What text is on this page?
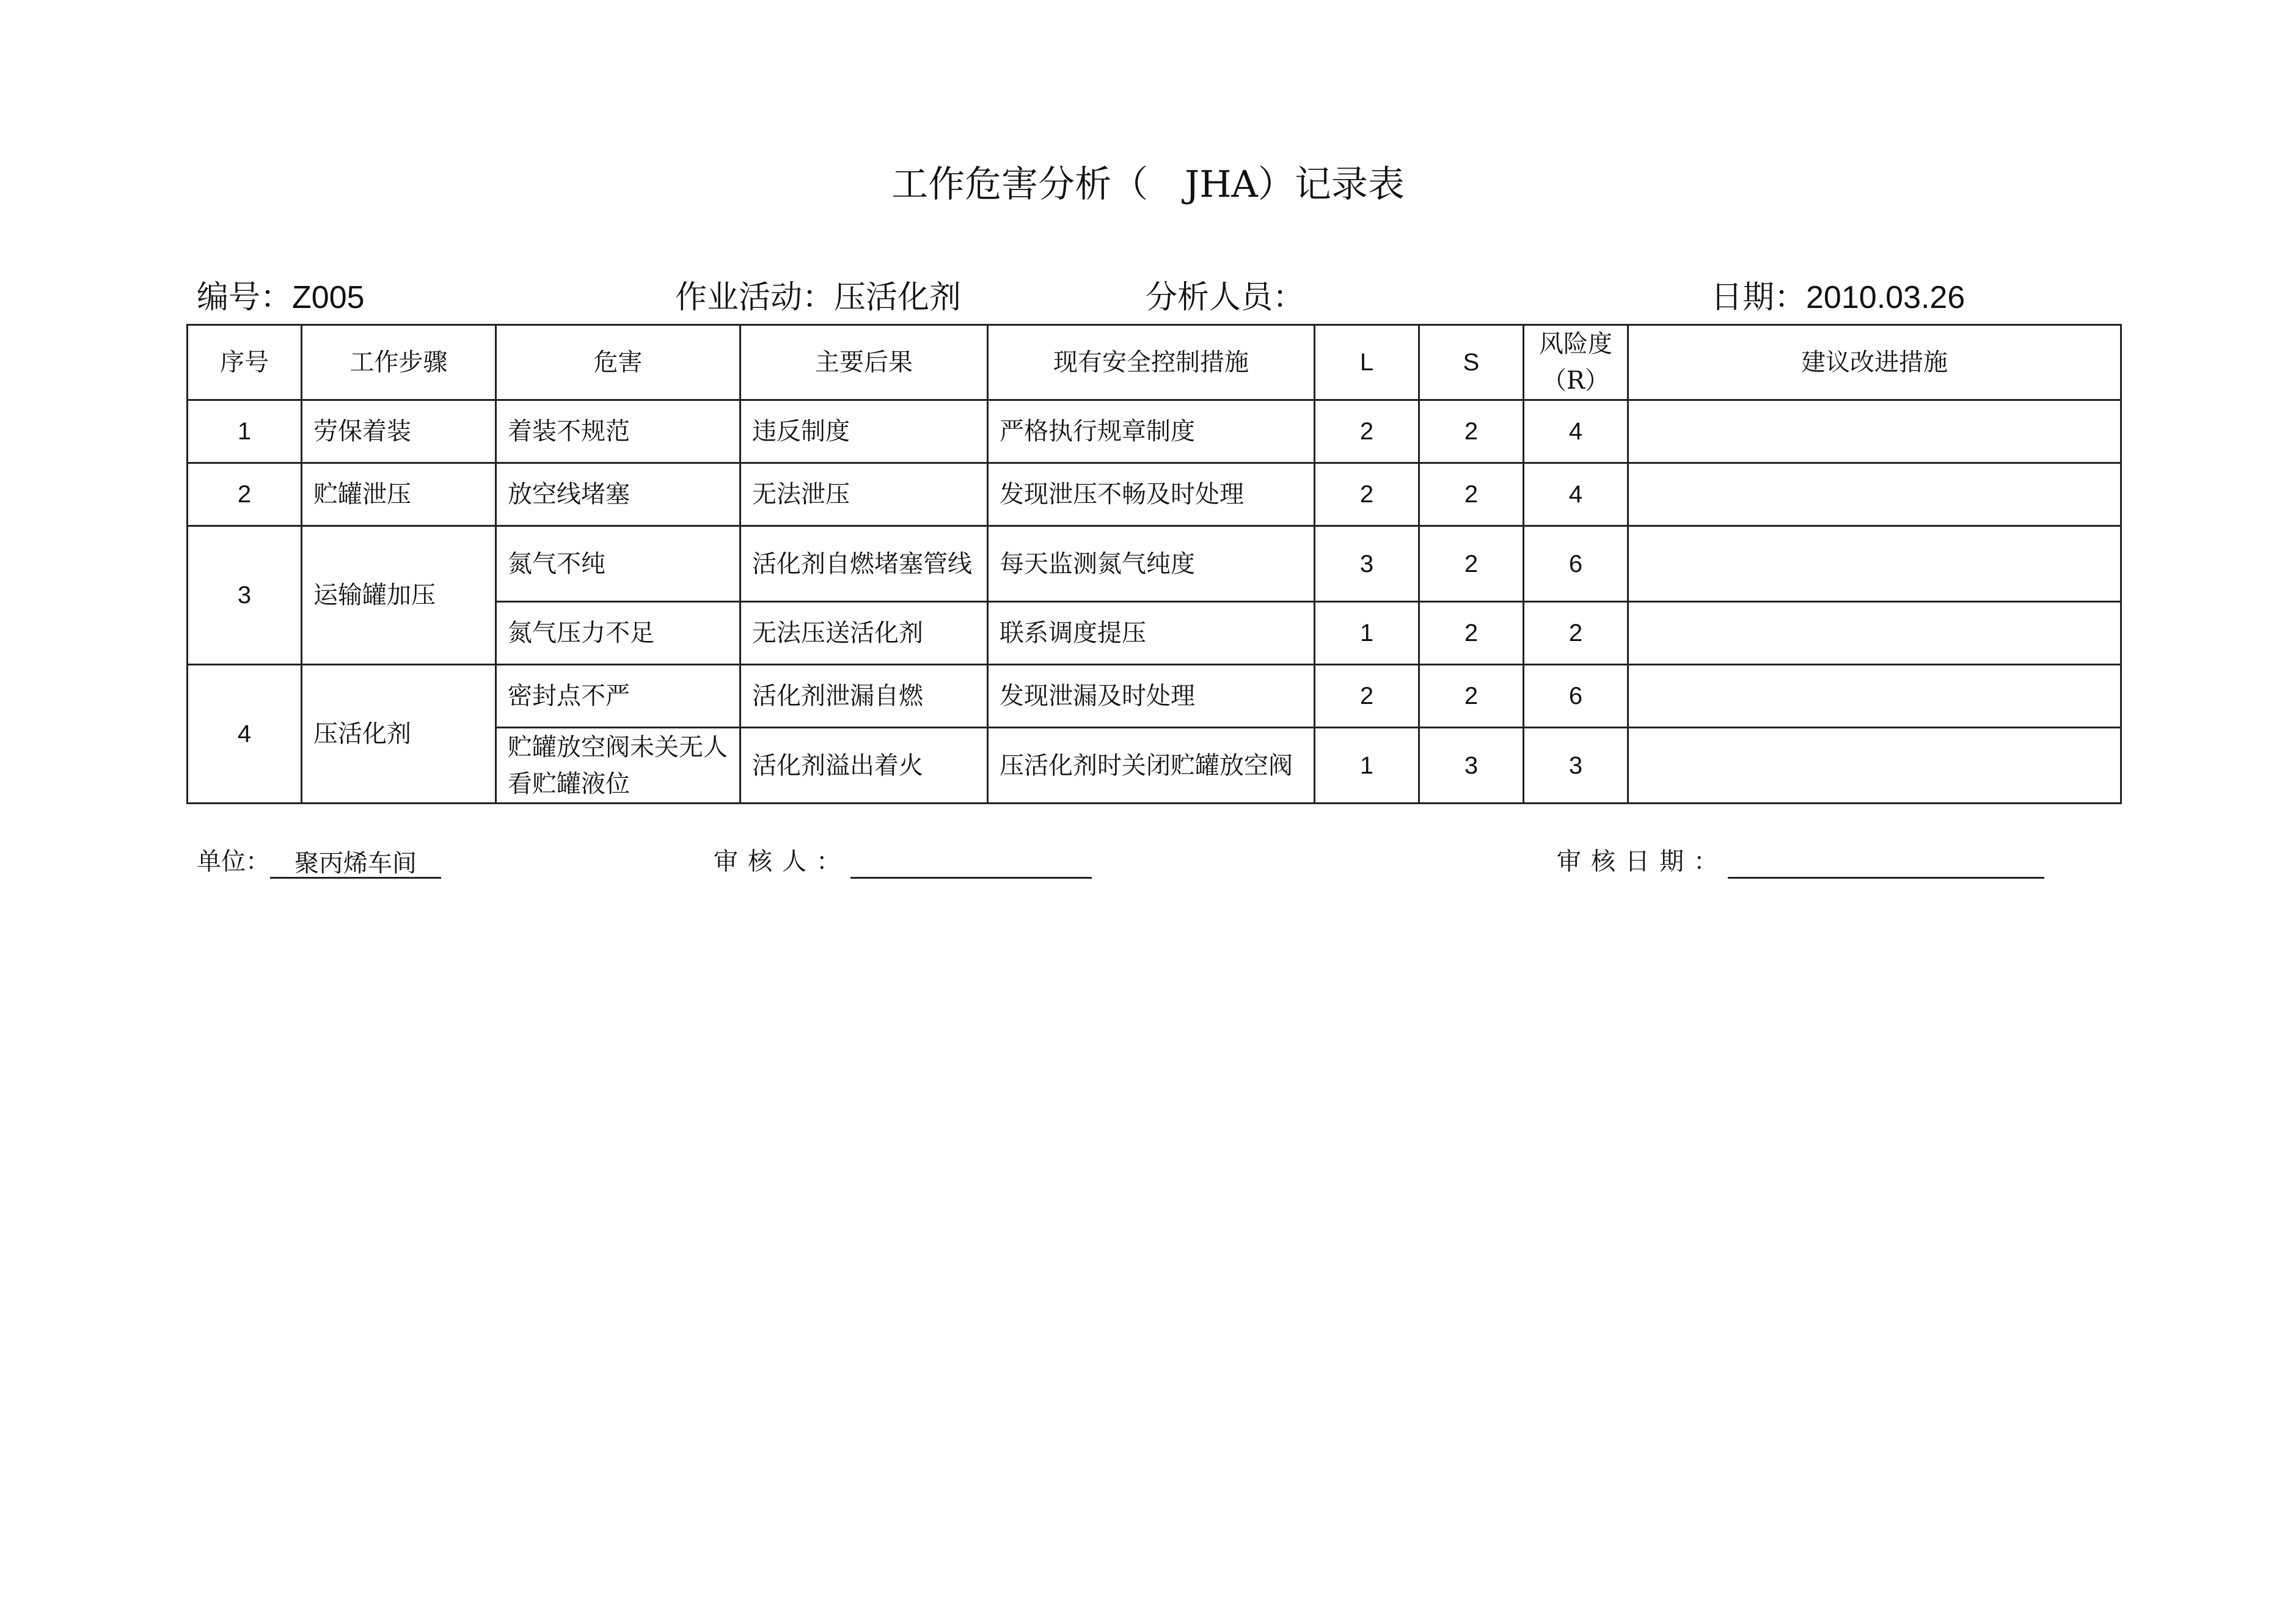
工作危害分析（　JHA）记录表
编号：Z005	作业活动：压活化剂	分析人员：	日期：2010.03.26
序号	工作步骤	危害	主要后果	现有安全控制措施	L	S	风险度（R）	建议改进措施
1	劳保着装	着装不规范	违反制度	严格执行规章制度	2	2	4	
2	贮罐泄压	放空线堵塞	无法泄压	发现泄压不畅及时处理	2	2	4	
3	运输罐加压	氮气不纯	活化剂自燃堵塞管线	每天监测氮气纯度	3	2	6	
		氮气压力不足	无法压送活化剂	联系调度提压	1	2	2	
4	压活化剂	密封点不严	活化剂泄漏自燃	发现泄漏及时处理	2	2	6	
		贮罐放空阀未关无人看贮罐液位	活化剂溢出着火	压活化剂时关闭贮罐放空阀	1	3	3	
单位： 聚丙烯车间	审核人：	审核日期：
